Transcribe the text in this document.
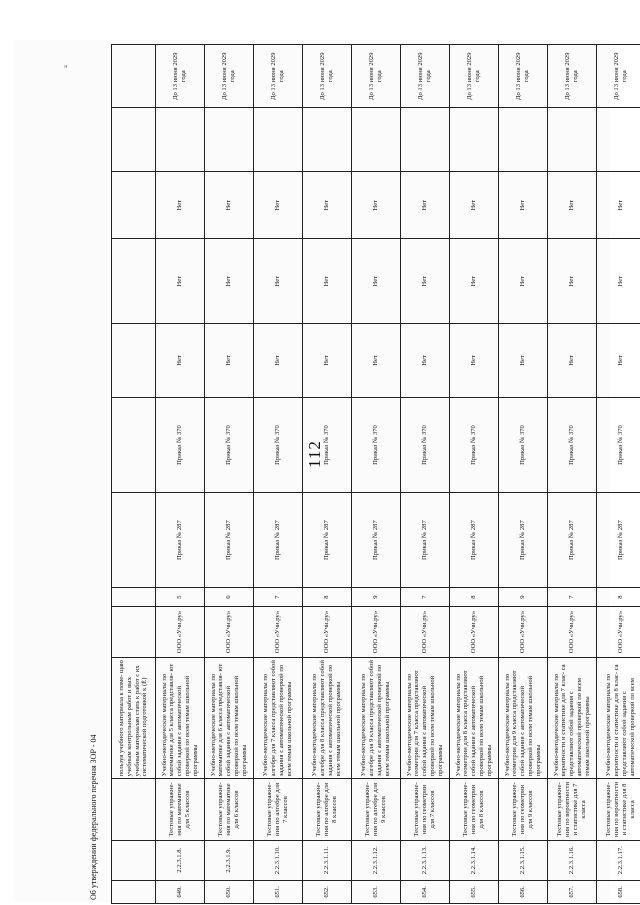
"
112
			пользуя учебного материала к поме- щаю учебным контрольным работ и вых учебным материалам стать к работ с их систематической подготовкой к (Ё)									
649.	2.2.3.1.8.	Тестовые упражне- ния по математике для 5 классов	Учебно-методические материалы по математике для 5 класса представля- ют собой задания с автоматической проверкой по всем темам школьной программы	ООО «Учи.ру»	5	Приказ № 287	Приказ № 370	Нет	Нет	Нет		До 13 июня 2029 года
650.	2.2.3.1.9.	Тестовые упражне- ния по математике для 6 классов	Учебно-методические материалы по математике для 6 класса представля- ют собой задания с автоматической проверкой по всем темам школьной программы	ООО «Учи.ру»	6	Приказ № 287	Приказ № 370	Нет	Нет	Нет		До 13 июня 2029 года
651.	2.2.3.1.10.	Тестовые упражне- ния по алгебре для 7 классов	Учебно-методические материалы по алгебре для 7 класса представляют собой задания с автоматической проверкой по всем темам школьной программы	ООО «Учи.ру»	7	Приказ № 287	Приказ № 370	Нет	Нет	Нет		До 13 июня 2029 года
652.	2.2.3.1.11.	Тестовые упражне- ния по алгебре для 8 классов	Учебно-методические материалы по алгебре для 8 класса представляют собой задания с автоматической проверкой по всем темам школьной программы	ООО «Учи.ру»	8	Приказ № 287	Приказ № 370	Нет	Нет	Нет		До 13 июня 2029 года
653.	2.2.3.1.12.	Тестовые упражне- ния по алгебре для 9 классов	Учебно-методические материалы по алгебре для 9 класса представляют собой задания с автоматической проверкой по всем темам школьной программы	ООО «Учи.ру»	9	Приказ № 287	Приказ № 370	Нет	Нет	Нет		До 13 июня 2029 года
654.	2.2.3.1.13.	Тестовые упражне- ния по геометрии для 7 классов	Учебно-методические материалы по геометрии для 7 класса представляют собой задания с автоматической проверкой по всем темам школьной программы	ООО «Учи.ру»	7	Приказ № 287	Приказ № 370	Нет	Нет	Нет		До 13 июня 2029 года
655.	2.2.3.1.14.	Тестовые упражне- ния по геометрии для 8 классов	Учебно-методические материалы по геометрии для 8 класса представляют собой задания с автоматической проверкой по всем темам школьной программы	ООО «Учи.ру»	8	Приказ № 287	Приказ № 370	Нет	Нет	Нет		До 13 июня 2029 года
656.	2.2.3.1.15.	Тестовые упражне- ния по геометрии для 9 классов	Учебно-методические материалы по геометрии для 9 класса представляют собой задания с автоматической проверкой по всем темам школьной программы	ООО «Учи.ру»	9	Приказ № 287	Приказ № 370	Нет	Нет	Нет		До 13 июня 2029 года
657.	2.2.3.1.16.	Тестовые упражне- ния по вероятности и статистике для 7 класса	Учебно-методические материалы по вероятности и статистике для 7 клас- са представляют собой задания с автоматической проверкой по всем темам школьной программы	ООО «Учи.ру»	7	Приказ № 287	Приказ № 370	Нет	Нет	Нет		До 13 июня 2029 года
658.	2.2.3.1.17.	Тестовые упражне- ния по вероятности и статистике для 8 класса	Учебно-методические материалы по вероятности и статистике для 8 клас- са представляют собой задания с автоматической проверкой по всем	ООО «Учи.ру»	8	Приказ № 287	Приказ № 370	Нет	Нет	Нет		До 13 июня 2029 года
Об утверждении федерального перечня ЗОР - 04
